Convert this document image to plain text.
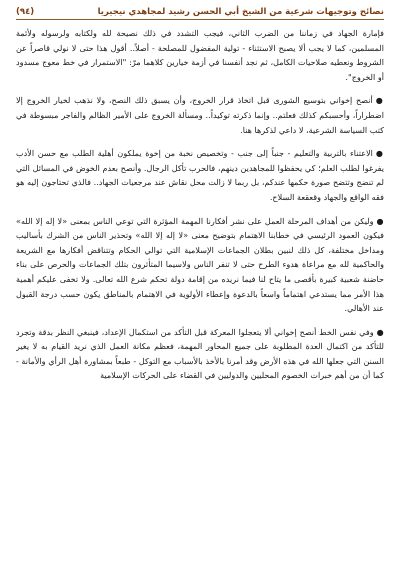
نصائح وتوجيهات شرعية من الشيخ أبي الحسن رشيد لمجاهدي نيجيريا
(٩٤)

فإمارة الجهاد في زماننا من الضرب الثاني، فيجب التشدد في ذلك نصيحة لله ولكتابه ولرسوله ولأئمة المسلمين، كما لا يجب ألا يصبح الاستثناء - تولية المفضول للمصلحة - أصلاً.. أقول هذا حتى لا نولي قاصراً عن الشروط ونعطيه صلاحيات الكامل، ثم نجد أنفسنا في أزمة خيارين كلاهما مرّ: "الاستمرار في خط معوج مسدود أو الخروج".

●أنصح إخواني بتوسيع الشورى قبل اتخاذ قرار الخروج، وأن يسبق ذلك النصح، ولا نذهب لخيار الخروج إلا اضطراراً، وأحسبكم كذلك فعلتم.. وإنما ذكرته توكيداً.. ومسألة الخروج على الأمير الظالم والفاجر مبسوطة في كتب السياسة الشرعية، لا داعي لذكرها هنا.

●الاعتناء بالتربية والتعليم - جنباً إلى جنب - وتخصيص نخبة من إخوة يملكون أهلية الطلب مع حسن الأدب يفرغوا لطلب العلم؛ كي يحفظوا للمجاهدين دينهم، فالحرب تأكل الرجال. وأنصح بعدم الخوض في المسائل التي لم تنضج وتتضح صورة حكمها عندكم، بل ربما لا زالت محل نقاش عند مرجعيات الجهاد.. فالذي تحتاجون إليه هو فقه الواقع والجهاد وقعقعة السلاح.

●وليكن من أهداف المرحلة العمل على نشر أفكارنا المهمة المؤثرة التي توعي الناس بمعنى «لا إله إلا الله» فيكون العمود الرئيسي في خطابنا الاهتمام بتوضيح معنى «لا إله إلا الله» وتحذير الناس من الشرك بأساليب ومداخل مختلفة، كل ذلك لنبين بطلان الجماعات الإسلامية التي توالي الحكام وتتناقض أفكارها مع الشريعة والحاكمية لله مع مراعاة هدوء الطرح حتى لا تنفر الناس ولاسيما المتأثرون بتلك الجماعات والحرص على بناء حاضنة شعبية كبيرة بأقصى ما يتاح لنا فيما نريده من إقامة دولة تحكم شرع الله تعالى. ولا تخفى عليكم أهمية هذا الأمر مما يستدعي اهتماماً واسعاً بالدعوة وإعطاء الأولوية في الاهتمام بالمناطق يكون حسب درجة القبول عند الأهالي.

●وفي نفس الخط أنصح إخواني ألا يتعجلوا المعركة قبل التأكد من استكمال الإعداد، فينبغي النظر بدقة وتجرد للتأكد من اكتمال العدة المطلوبة على جميع المحاور المهمة، فعظم مكانة العمل الذي نريد القيام به لا يغير السنن التي جعلها الله في هذه الأرض وقد أمرنا بالأخذ بالأسباب مع التوكل - طبعاً بمشاورة أهل الرأي والأمانة - كما أن من أهم خبرات الخصوم المحليين والدوليين في القضاء على الحركات الإسلامية
